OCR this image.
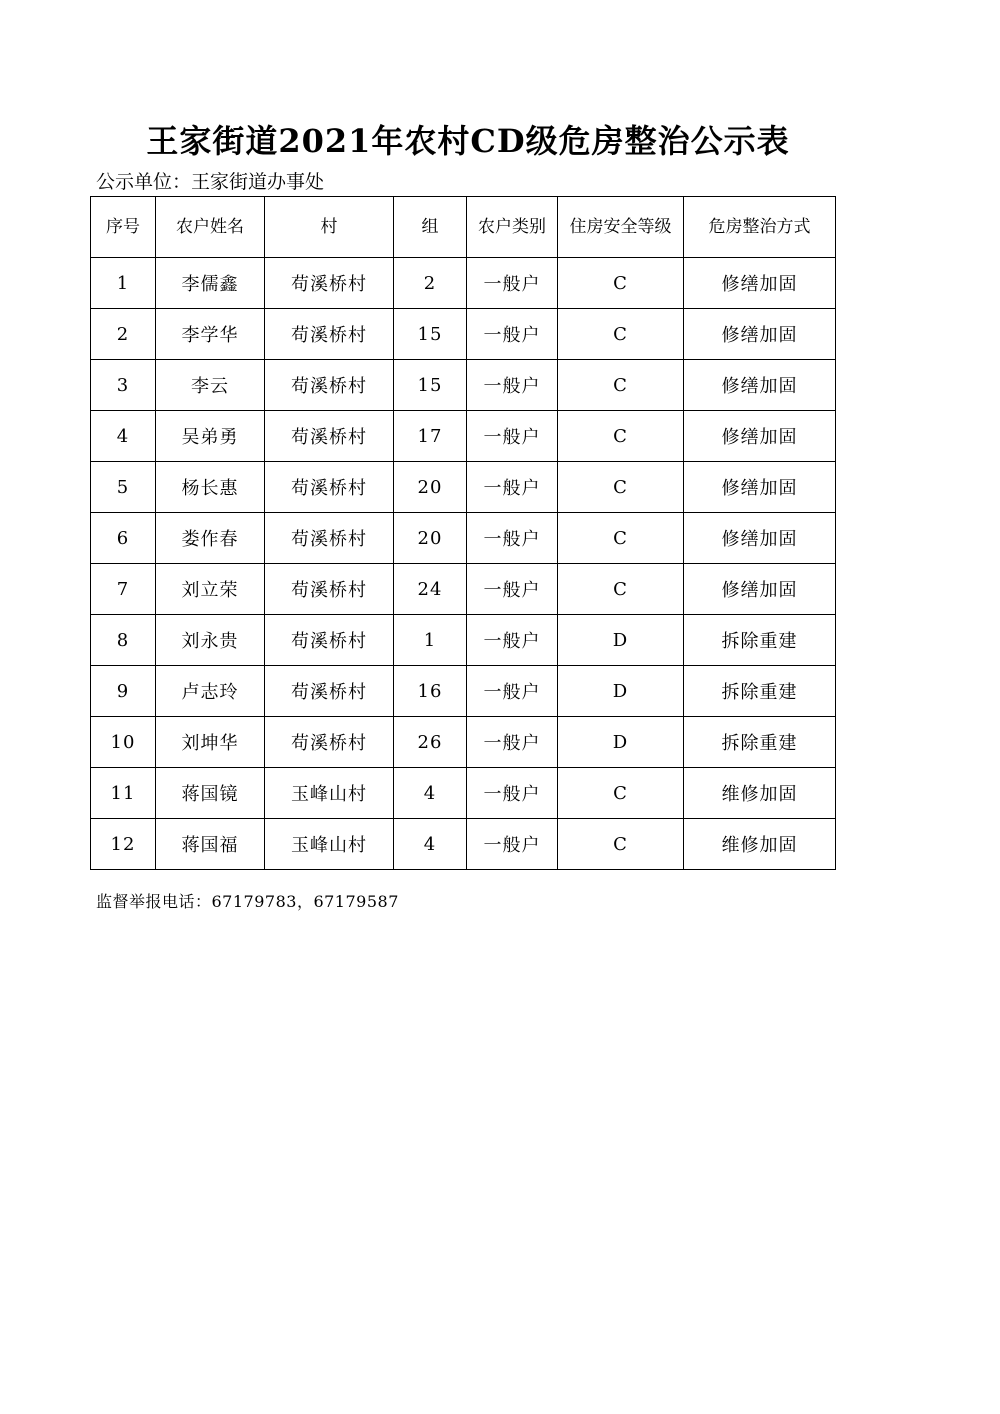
王家街道2021年农村CD级危房整治公示表
公示单位：王家街道办事处
序号	农户姓名	村	组	农户类别	住房安全等级	危房整治方式
1	李儒鑫	苟溪桥村	2	一般户	C	修缮加固
2	李学华	苟溪桥村	15	一般户	C	修缮加固
3	李云	苟溪桥村	15	一般户	C	修缮加固
4	吴弟勇	苟溪桥村	17	一般户	C	修缮加固
5	杨长惠	苟溪桥村	20	一般户	C	修缮加固
6	娄作春	苟溪桥村	20	一般户	C	修缮加固
7	刘立荣	苟溪桥村	24	一般户	C	修缮加固
8	刘永贵	苟溪桥村	1	一般户	D	拆除重建
9	卢志玲	苟溪桥村	16	一般户	D	拆除重建
10	刘坤华	苟溪桥村	26	一般户	D	拆除重建
11	蒋国镜	玉峰山村	4	一般户	C	维修加固
12	蒋国福	玉峰山村	4	一般户	C	维修加固
监督举报电话：67179783，67179587
